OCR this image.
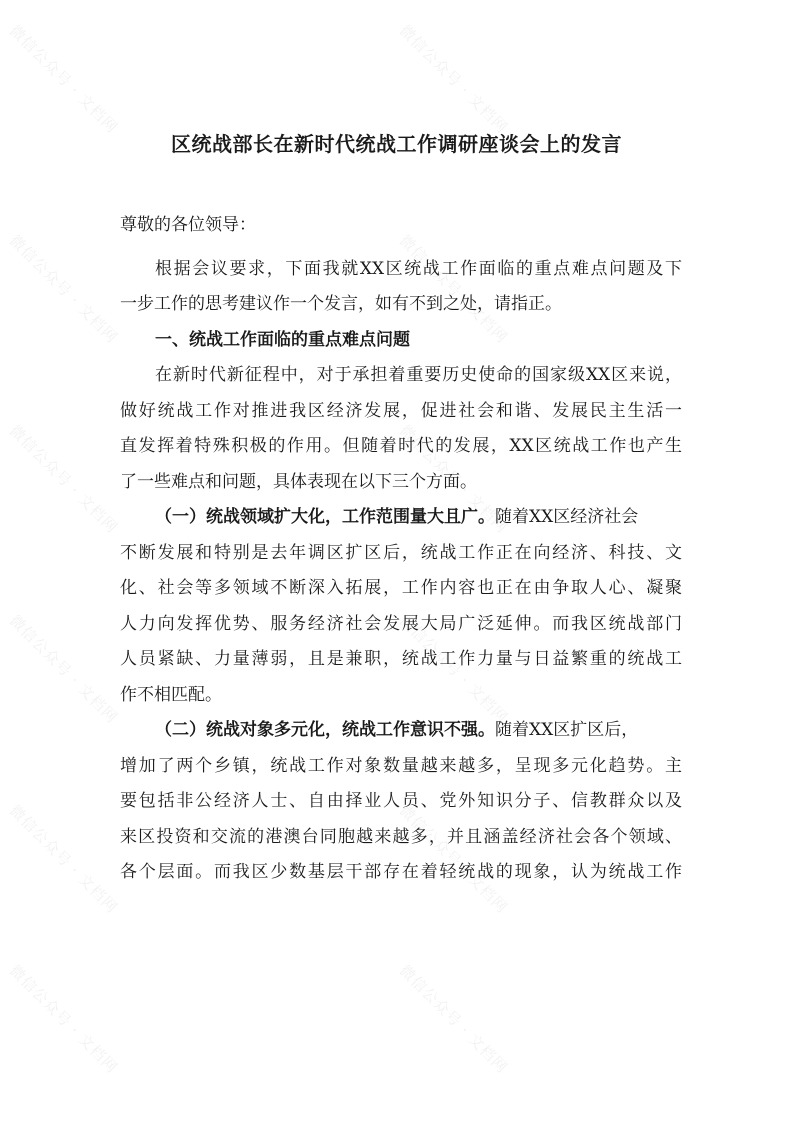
微信公众号 · 文档网	微信公众号 · 文档网
微信公众号 · 文档网	微信公众号 · 文档网
微信公众号 · 文档网	微信公众号 · 文档网
微信公众号 · 文档网	微信公众号 · 文档网
微信公众号 · 文档网	微信公众号 · 文档网
微信公众号 · 文档网	微信公众号 · 文档网
区统战部长在新时代统战工作调研座谈会上的发言
尊敬的各位领导：
根据会议要求，下面我就XX区统战工作面临的重点难点问题及下
一步工作的思考建议作一个发言，如有不到之处，请指正。
一、统战工作面临的重点难点问题
在新时代新征程中，对于承担着重要历史使命的国家级XX区来说，
做好统战工作对推进我区经济发展，促进社会和谐、发展民主生活一
直发挥着特殊积极的作用。但随着时代的发展，XX区统战工作也产生
了一些难点和问题，具体表现在以下三个方面。
（一）统战领域扩大化，工作范围量大且广。随着XX区经济社会
不断发展和特别是去年调区扩区后，统战工作正在向经济、科技、文
化、社会等多领域不断深入拓展，工作内容也正在由争取人心、凝聚
人力向发挥优势、服务经济社会发展大局广泛延伸。而我区统战部门
人员紧缺、力量薄弱，且是兼职，统战工作力量与日益繁重的统战工
作不相匹配。
（二）统战对象多元化，统战工作意识不强。随着XX区扩区后，
增加了两个乡镇，统战工作对象数量越来越多，呈现多元化趋势。主
要包括非公经济人士、自由择业人员、党外知识分子、信教群众以及
来区投资和交流的港澳台同胞越来越多，并且涵盖经济社会各个领域、
各个层面。而我区少数基层干部存在着轻统战的现象，认为统战工作
